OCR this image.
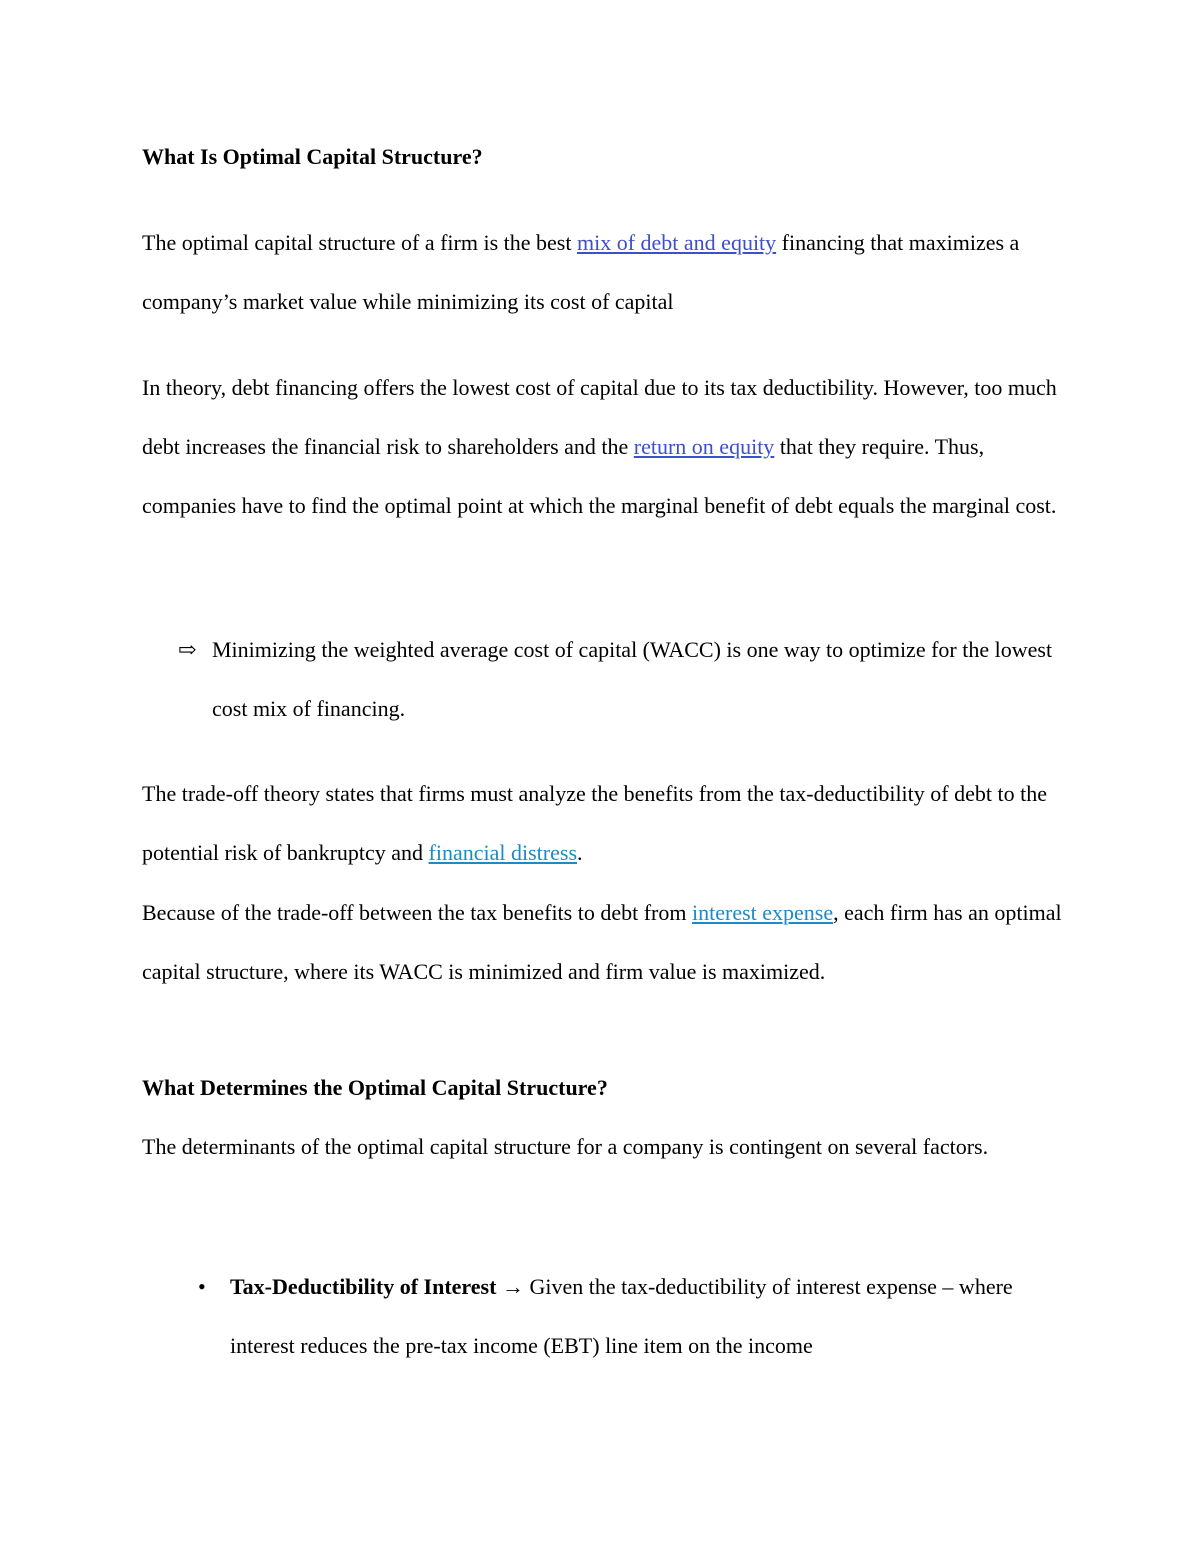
What Is Optimal Capital Structure?

The optimal capital structure of a firm is the best mix of debt and equity financing that maximizes a company’s market value while minimizing its cost of capital

In theory, debt financing offers the lowest cost of capital due to its tax deductibility. However, too much debt increases the financial risk to shareholders and the return on equity that they require. Thus, companies have to find the optimal point at which the marginal benefit of debt equals the marginal cost.

⇨ Minimizing the weighted average cost of capital (WACC) is one way to optimize for the lowest cost mix of financing.

The trade-off theory states that firms must analyze the benefits from the tax-deductibility of debt to the potential risk of bankruptcy and financial distress.

Because of the trade-off between the tax benefits to debt from interest expense, each firm has an optimal capital structure, where its WACC is minimized and firm value is maximized.

What Determines the Optimal Capital Structure?

The determinants of the optimal capital structure for a company is contingent on several factors.

•	Tax-Deductibility of Interest → Given the tax-deductibility of interest expense – where interest reduces the pre-tax income (EBT) line item on the income
